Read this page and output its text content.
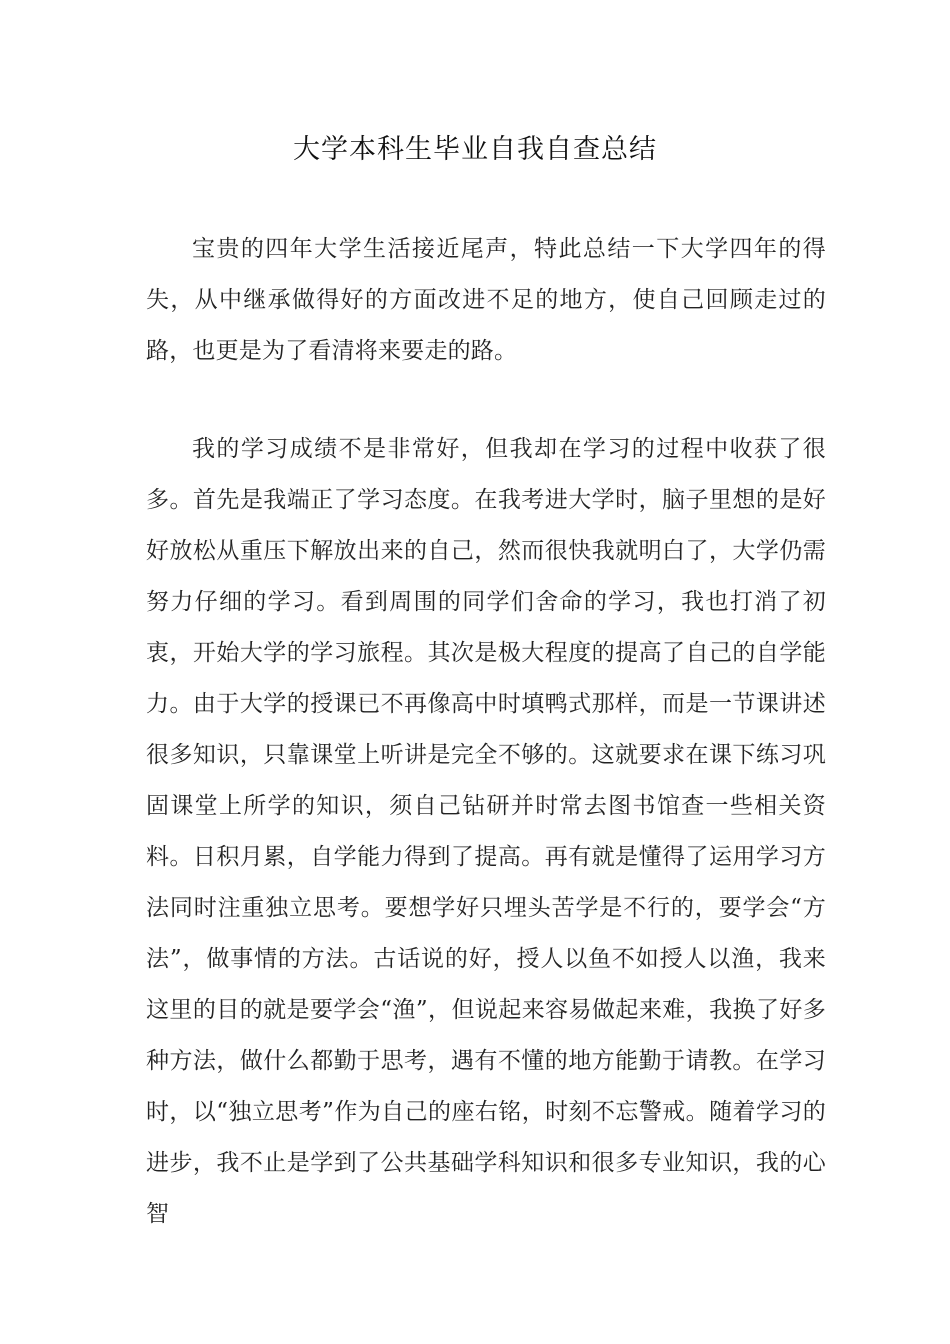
大学本科生毕业自我自查总结

宝贵的四年大学生活接近尾声，特此总结一下大学四年的得失，从中继承做得好的方面改进不足的地方，使自己回顾走过的路，也更是为了看清将来要走的路。

我的学习成绩不是非常好，但我却在学习的过程中收获了很多。首先是我端正了学习态度。在我考进大学时，脑子里想的是好好放松从重压下解放出来的自己，然而很快我就明白了，大学仍需努力仔细的学习。看到周围的同学们舍命的学习，我也打消了初衷，开始大学的学习旅程。其次是极大程度的提高了自己的自学能力。由于大学的授课已不再像高中时填鸭式那样，而是一节课讲述很多知识，只靠课堂上听讲是完全不够的。这就要求在课下练习巩固课堂上所学的知识，须自己钻研并时常去图书馆查一些相关资料。日积月累，自学能力得到了提高。再有就是懂得了运用学习方法同时注重独立思考。要想学好只埋头苦学是不行的，要学会“方法”，做事情的方法。古话说的好，授人以鱼不如授人以渔，我来这里的目的就是要学会“渔”，但说起来容易做起来难，我换了好多种方法，做什么都勤于思考，遇有不懂的地方能勤于请教。在学习时，以“独立思考”作为自己的座右铭，时刻不忘警戒。随着学习的进步，我不止是学到了公共基础学科知识和很多专业知识，我的心智
